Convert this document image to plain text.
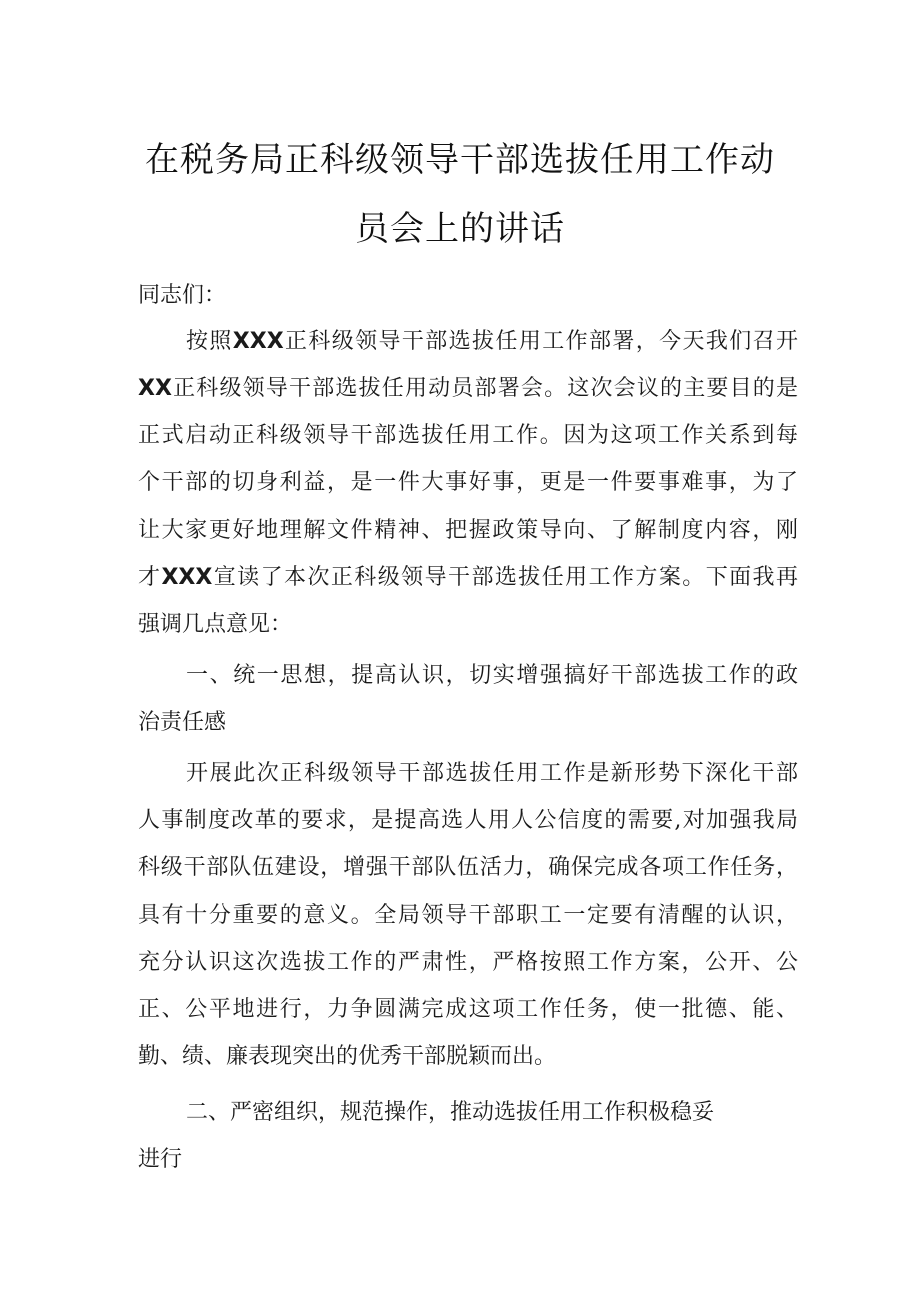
在税务局正科级领导干部选拔任用工作动
员会上的讲话
同志们：
按照XXX正科级领导干部选拔任用工作部署，今天我们召开
XX正科级领导干部选拔任用动员部署会。这次会议的主要目的是
正式启动正科级领导干部选拔任用工作。因为这项工作关系到每
个干部的切身利益，是一件大事好事，更是一件要事难事，为了
让大家更好地理解文件精神、把握政策导向、了解制度内容，刚
才XXX宣读了本次正科级领导干部选拔任用工作方案。下面我再
强调几点意见：
一、统一思想，提高认识，切实增强搞好干部选拔工作的政
治责任感
开展此次正科级领导干部选拔任用工作是新形势下深化干部
人事制度改革的要求，是提高选人用人公信度的需要,对加强我局
科级干部队伍建设，增强干部队伍活力，确保完成各项工作任务，
具有十分重要的意义。全局领导干部职工一定要有清醒的认识，
充分认识这次选拔工作的严肃性，严格按照工作方案，公开、公
正、公平地进行，力争圆满完成这项工作任务，使一批德、能、
勤、绩、廉表现突出的优秀干部脱颖而出。
二、严密组织，规范操作，推动选拔任用工作积极稳妥
进行
